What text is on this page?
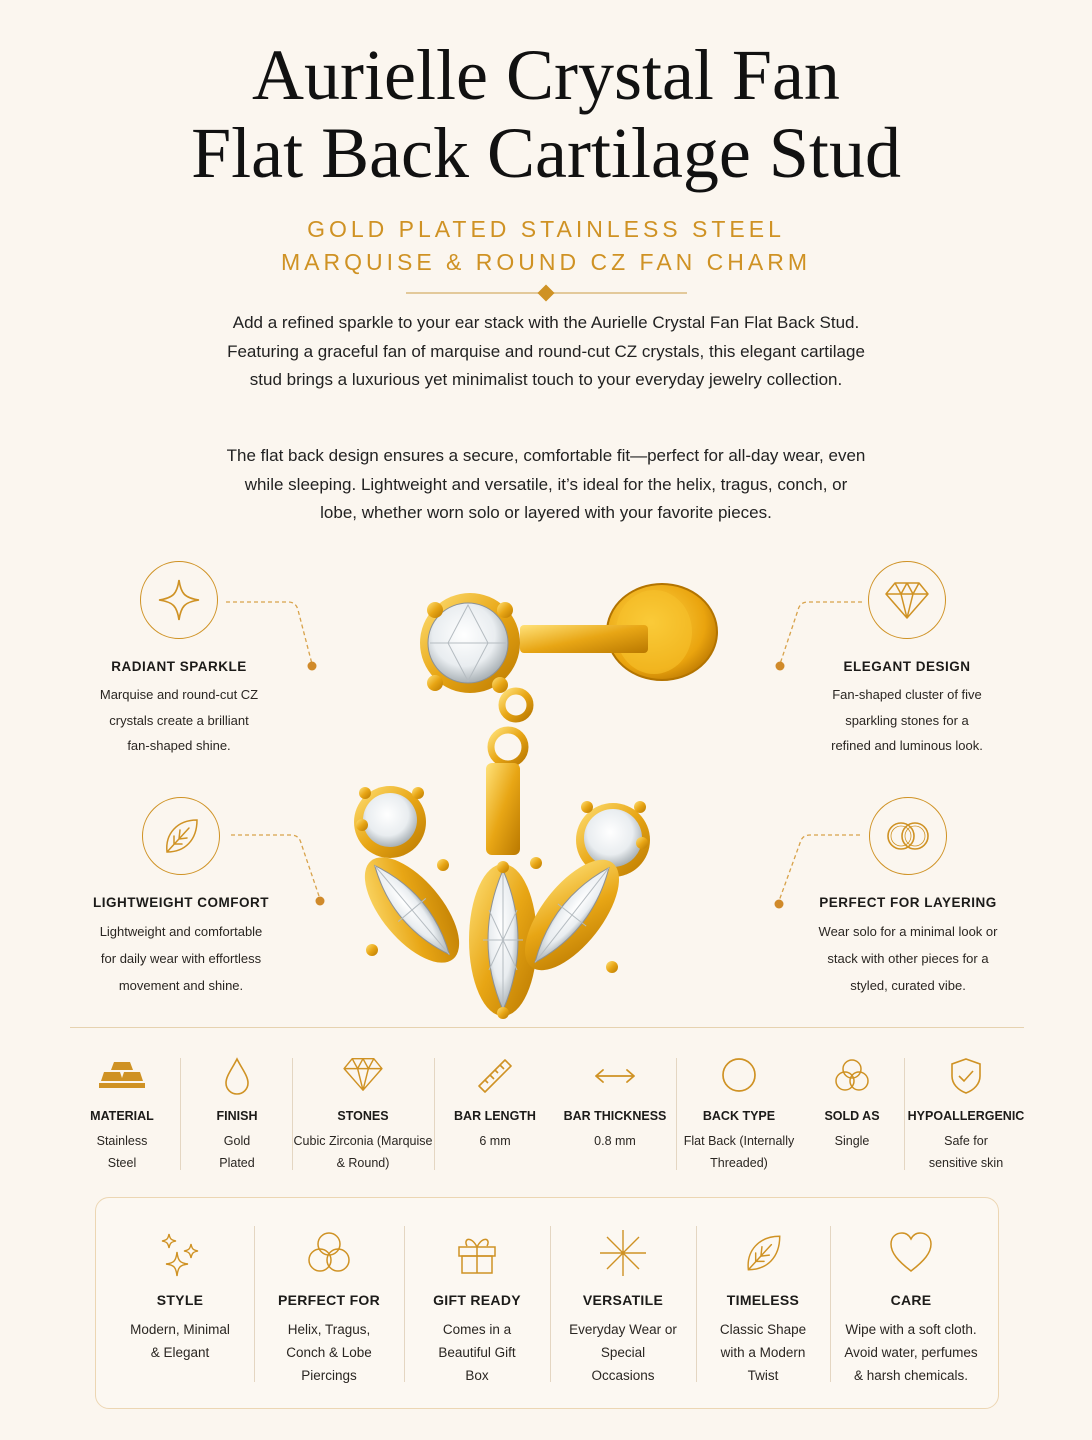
Aurielle Crystal Fan
Flat Back Cartilage Stud
GOLD PLATED STAINLESS STEEL
MARQUISE & ROUND CZ FAN CHARM

Add a refined sparkle to your ear stack with the Aurielle Crystal Fan Flat Back Stud. Featuring a graceful fan of marquise and round-cut CZ crystals, this elegant cartilage stud brings a luxurious yet minimalist touch to your everyday jewelry collection.

The flat back design ensures a secure, comfortable fit—perfect for all-day wear, even while sleeping. Lightweight and versatile, it’s ideal for the helix, tragus, conch, or lobe, whether worn solo or layered with your favorite pieces.

RADIANT SPARKLE
Marquise and round-cut CZ crystals create a brilliant fan-shaped shine.
ELEGANT DESIGN
Fan-shaped cluster of five sparkling stones for a refined and luminous look.
LIGHTWEIGHT COMFORT
Lightweight and comfortable for daily wear with effortless movement and shine.
PERFECT FOR LAYERING
Wear solo for a minimal look or stack with other pieces for a styled, curated vibe.
MATERIAL
Stainless Steel
FINISH
Gold Plated
STONES
Cubic Zirconia (Marquise & Round)
BAR LENGTH
6 mm
BAR THICKNESS
0.8 mm
BACK TYPE
Flat Back (Internally Threaded)
SOLD AS
Single
HYPOALLERGENIC
Safe for sensitive skin
STYLE
Modern, Minimal & Elegant
PERFECT FOR
Helix, Tragus, Conch & Lobe Piercings
GIFT READY
Comes in a Beautiful Gift Box
VERSATILE
Everyday Wear or Special Occasions
TIMELESS
Classic Shape with a Modern Twist
CARE
Wipe with a soft cloth. Avoid water, perfumes & harsh chemicals.
